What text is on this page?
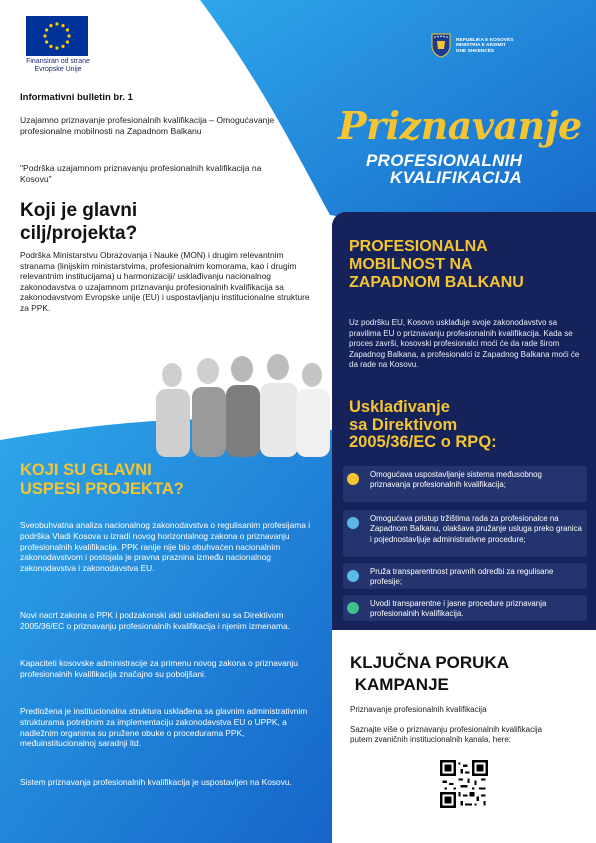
Finansiran od strane
Evropske Unije
REPUBLIKA E KOSOVËS
MINISTRIA E ARSIMIT
DHE SHKENCËS
Informativni bulletin br. 1
Uzajamno priznavanje profesionalnih kvalifikacija – Omogućavanje profesionalne mobilnosti na Zapadnom Balkanu
"Podrška uzajamnom priznavanju profesionalnih kvalifikacija na Kosovu"
Koji je glavni
cilj/projekta?
Podrška Ministarstvu Obrazovanja i Nauke (MON) i drugim relevantnim stranama (linijskim ministarstvima, profesionalnim komorama, kao i drugim relevantnim institucijama) u harmonizaciji/ usklađivanju nacionalnog zakonodavstva o uzajamnom priznavanju profesionalnih kvalifikacija sa zakonodavstvom Evropske unije (EU) i uspostavljanju institucionalne strukture za PPK.
Priznavanje
PROFESIONALNIH
KVALIFIKACIJA
PROFESIONALNA
MOBILNOST NA
ZAPADNOM BALKANU
Uz podršku EU, Kosovo usklađuje svoje zakonodavstvo sa pravilima EU o priznavanju profesionalnih kvalifikacija. Kada se proces završi, kosovski profesionalci moći će da rade širom Zapadnog Balkana, a profesionalci iz Zapadnog Balkana moći će da rade na Kosovu.
Usklađivanje
sa Direktivom
2005/36/EC o RPQ:
Omogućava uspostavljanje sistema međusobnog priznavanja profesionalnih kvalifikacija;
Omogućava pristup tržištima rada za profesionalce na Zapadnom Balkanu, olakšava pružanje usluga preko granica i pojednostavljuje administrativne procedure;
Pruža transparentnost pravnih odredbi za regulisane profesije;
Uvodi transparentne i jasne procedure priznavanja profesionalnih kvalifikacija.
KOJI SU GLAVNI
USPESI PROJEKTA?
Sveobuhvatna analiza nacionalnog zakonodavstva o regulisanim profesijama i podrška Vladi Kosova u izradi novog horizontalnog zakona o priznavanju profesionalnih kvalifikacija. PPK ranije nije bio obuhvaćen nacionalnim zakonodavstvom i postojala je pravna praznina između nacionalnog zakonodavstva i zakonodavstva EU.
Novi nacrt zakona o PPK i podzakonski akti usklađeni su sa Direktivom 2005/36/EC o priznavanju profesionalnih kvalifikacija i njenim izmenama.
Kapaciteti kosovske administracije za primenu novog zakona o priznavanju profesionalnih kvalifikacija značajno su poboljšani.
Predložena je institucionalna struktura usklađena sa glavnim administrativnim strukturama potrebnim za implementaciju zakonodavstva EU o UPPK, a nadležnim organima su pružene obuke o procedurama PPK, međuinstitucionalnoj saradnji itd.
Sistem priznavanja profesionalnih kvalifikacija je uspostavljen na Kosovu.
KLJUČNA PORUKA
KAMPANJE
Priznavanje profesionalnih kvalifikacija
Saznajte više o priznavanju profesionalnih kvalifikacija putem zvaničnih institucionalnih kanala, here:
